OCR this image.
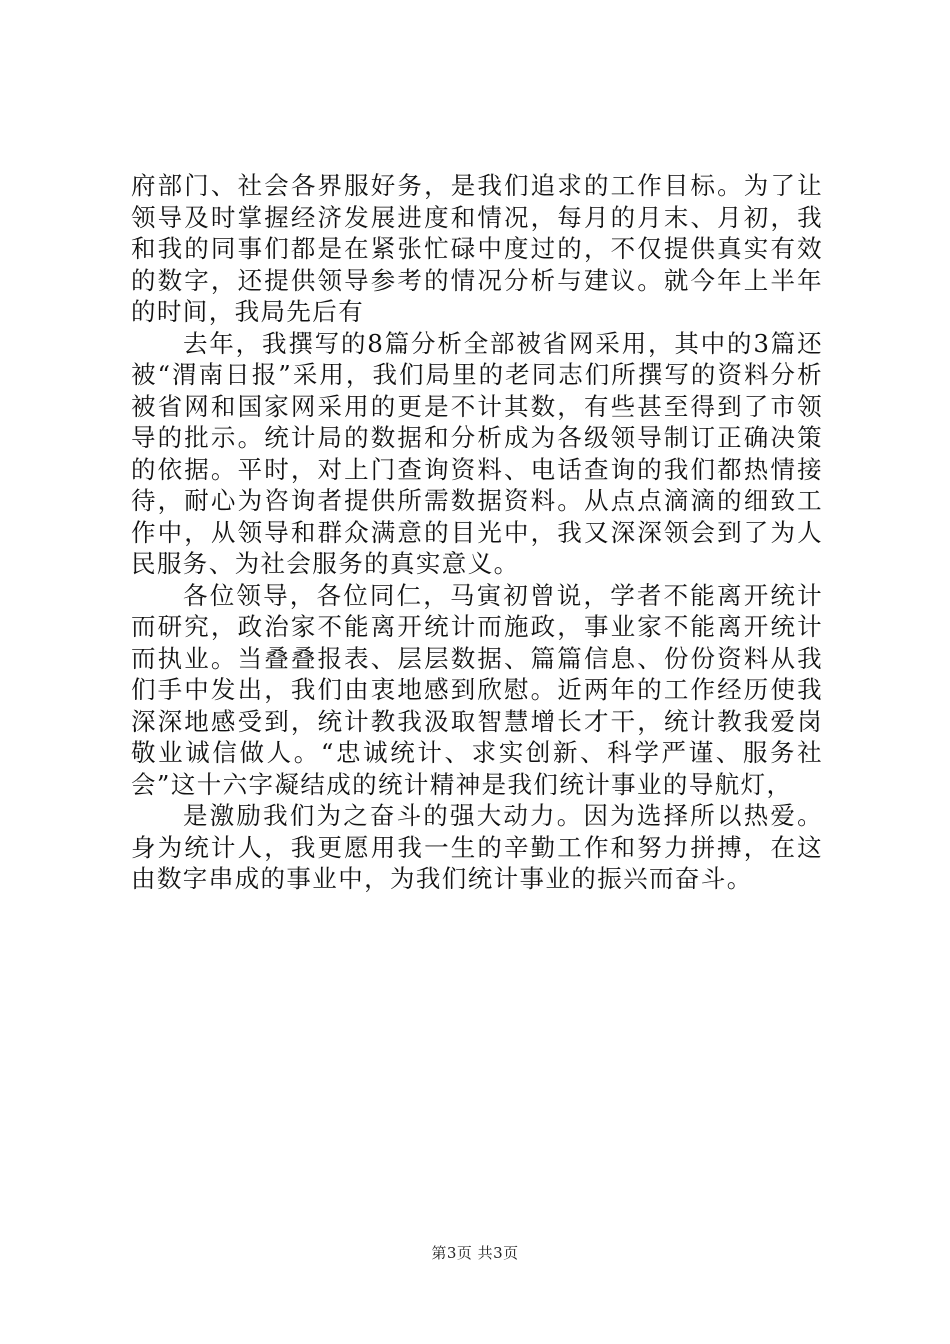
府部门、社会各界服好务，是我们追求的工作目标。为了让领导及时掌握经济发展进度和情况，每月的月末、月初，我和我的同事们都是在紧张忙碌中度过的，不仅提供真实有效的数字，还提供领导参考的情况分析与建议。就今年上半年的时间，我局先后有

去年，我撰写的8篇分析全部被省网采用，其中的3篇还被“渭南日报”采用，我们局里的老同志们所撰写的资料分析被省网和国家网采用的更是不计其数，有些甚至得到了市领导的批示。统计局的数据和分析成为各级领导制订正确决策的依据。平时，对上门查询资料、电话查询的我们都热情接待，耐心为咨询者提供所需数据资料。从点点滴滴的细致工作中，从领导和群众满意的目光中，我又深深领会到了为人民服务、为社会服务的真实意义。

各位领导，各位同仁，马寅初曾说，学者不能离开统计而研究，政治家不能离开统计而施政，事业家不能离开统计而执业。当叠叠报表、层层数据、篇篇信息、份份资料从我们手中发出，我们由衷地感到欣慰。近两年的工作经历使我深深地感受到，统计教我汲取智慧增长才干，统计教我爱岗敬业诚信做人。“忠诚统计、求实创新、科学严谨、服务社会”这十六字凝结成的统计精神是我们统计事业的导航灯，

是激励我们为之奋斗的强大动力。因为选择所以热爱。身为统计人，我更愿用我一生的辛勤工作和努力拼搏，在这由数字串成的事业中，为我们统计事业的振兴而奋斗。

第3页 共3页
